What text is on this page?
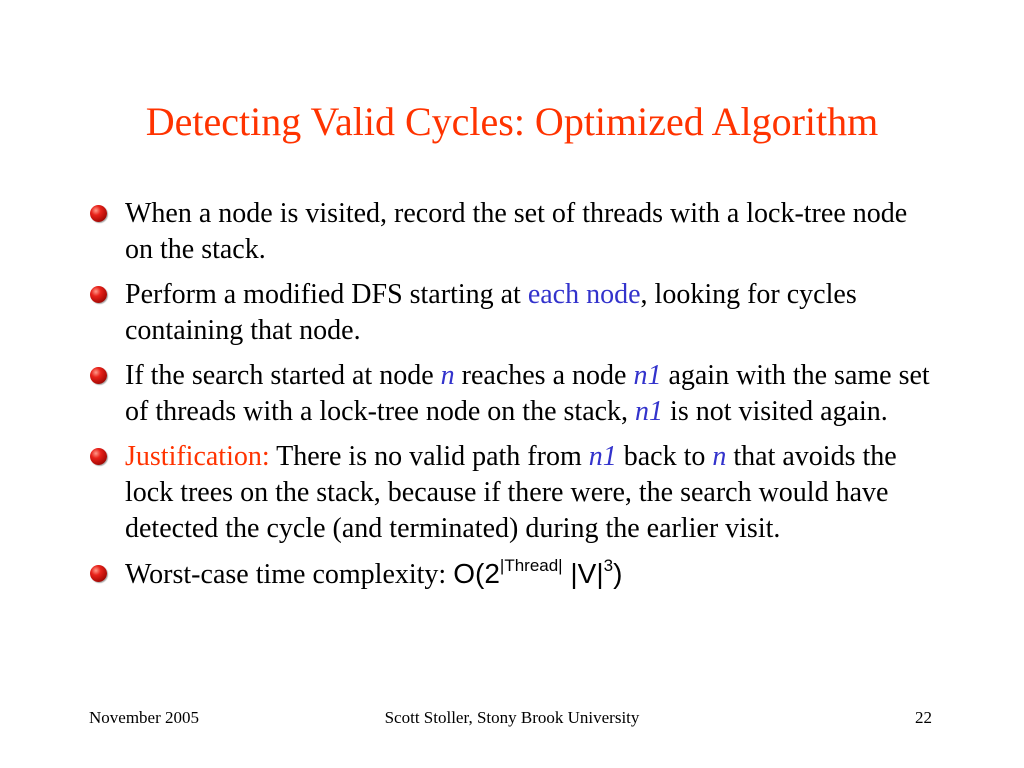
Detecting Valid Cycles: Optimized Algorithm
When a node is visited, record the set of threads with a lock-tree node on the stack.
Perform a modified DFS starting at each node, looking for cycles containing that node.
If the search started at node n reaches a node n1 again with the same set of threads with a lock-tree node on the stack, n1 is not visited again.
Justification: There is no valid path from n1 back to n that avoids the lock trees on the stack, because if there were, the search would have detected the cycle (and terminated) during the earlier visit.
Worst-case time complexity: $O(2^{|Thread|}$ $|V|^3$)
November 2005	Scott Stoller, Stony Brook University	22
